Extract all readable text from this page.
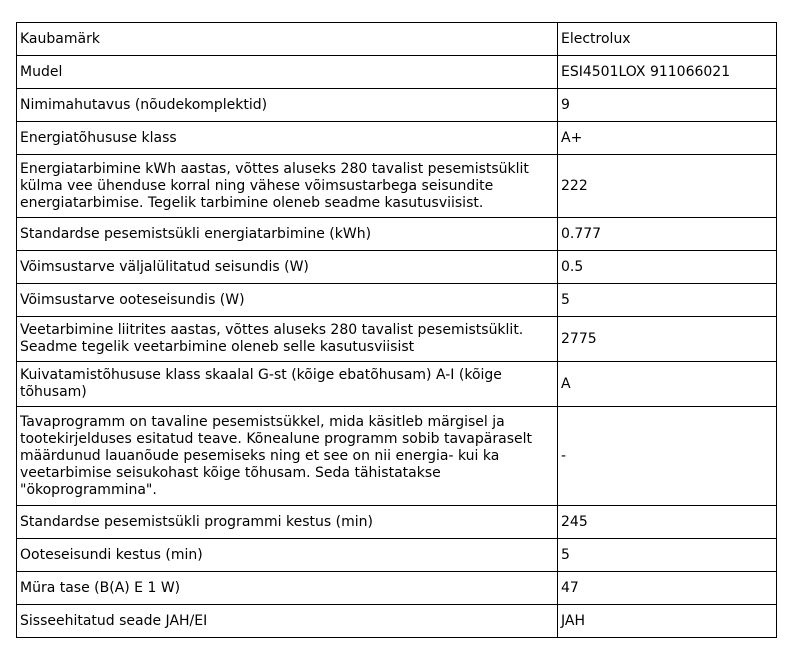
Kaubamärk	Electrolux
Mudel	ESI4501LOX 911066021
Nimimahutavus (nõudekomplektid)	9
Energiatõhususe klass	A+
Energiatarbimine kWh aastas, võttes aluseks 280 tavalist pesemistsüklit külma vee ühenduse korral ning vähese võimsustarbega seisundite energiatarbimise. Tegelik tarbimine oleneb seadme kasutusviisist.	222
Standardse pesemistsükli energiatarbimine (kWh)	0.777
Võimsustarve väljalülitatud seisundis (W)	0.5
Võimsustarve ooteseisundis (W)	5
Veetarbimine liitrites aastas, võttes aluseks 280 tavalist pesemistsüklit. Seadme tegelik veetarbimine oleneb selle kasutusviisist	2775
Kuivatamistõhususe klass skaalal G-st (kõige ebatõhusam) A-I (kõige tõhusam)	A
Tavaprogramm on tavaline pesemistsükkel, mida käsitleb märgisel ja tootekirjelduses esitatud teave. Kõnealune programm sobib tavapäraselt määrdunud lauanõude pesemiseks ning et see on nii energia- kui ka veetarbimise seisukohast kõige tõhusam. Seda tähistatakse "ökoprogrammina".	-
Standardse pesemistsükli programmi kestus (min)	245
Ooteseisundi kestus (min)	5
Müra tase (B(A) E 1 W)	47
Sisseehitatud seade JAH/EI	JAH
